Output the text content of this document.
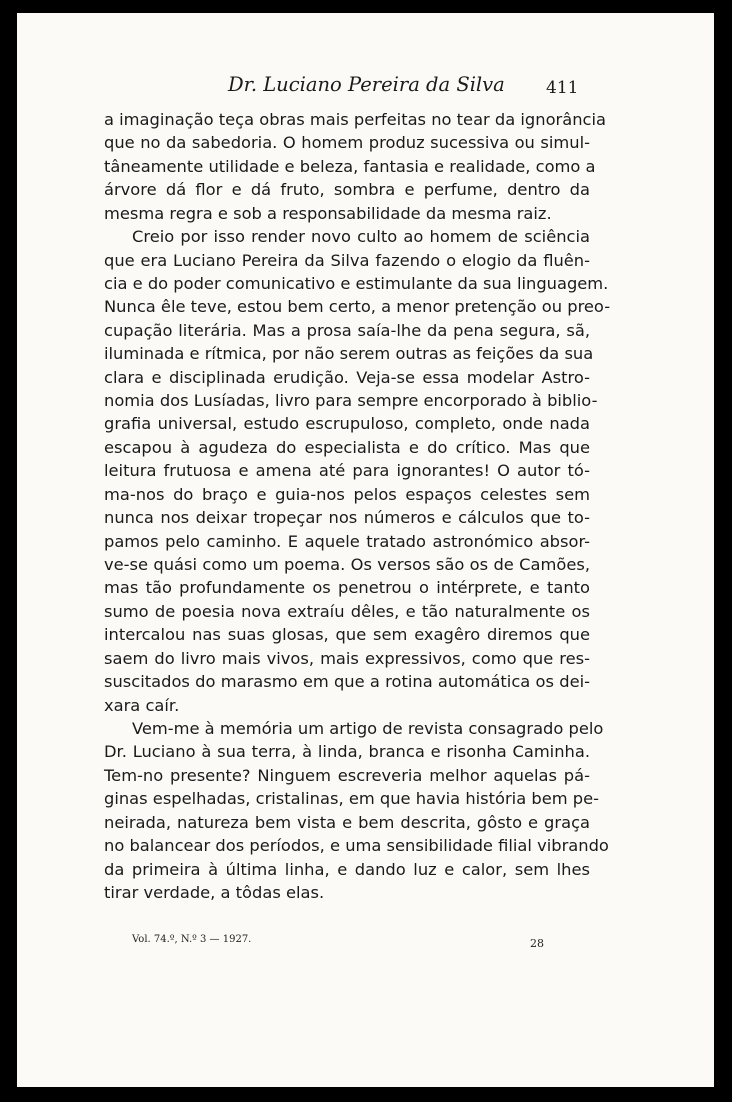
Dr. Luciano Pereira da Silva 411
a imaginação teça obras mais perfeitas no tear da ignorância
que no da sabedoria. O homem produz sucessiva ou simul-
tâneamente utilidade e beleza, fantasia e realidade, como a
árvore dá flor e dá fruto, sombra e perfume, dentro da
mesma regra e sob a responsabilidade da mesma raiz.
Creio por isso render novo culto ao homem de sciência
que era Luciano Pereira da Silva fazendo o elogio da fluên-
cia e do poder comunicativo e estimulante da sua linguagem.
Nunca êle teve, estou bem certo, a menor pretenção ou preo-
cupação literária. Mas a prosa saía-lhe da pena segura, sã,
iluminada e rítmica, por não serem outras as feições da sua
clara e disciplinada erudição. Veja-se essa modelar Astro-
nomia dos Lusíadas, livro para sempre encorporado à biblio-
grafia universal, estudo escrupuloso, completo, onde nada
escapou à agudeza do especialista e do crítico. Mas que
leitura frutuosa e amena até para ignorantes! O autor tó-
ma-nos do braço e guia-nos pelos espaços celestes sem
nunca nos deixar tropeçar nos números e cálculos que to-
pamos pelo caminho. E aquele tratado astronómico absor-
ve-se quási como um poema. Os versos são os de Camões,
mas tão profundamente os penetrou o intérprete, e tanto
sumo de poesia nova extraíu dêles, e tão naturalmente os
intercalou nas suas glosas, que sem exagêro diremos que
saem do livro mais vivos, mais expressivos, como que res-
suscitados do marasmo em que a rotina automática os dei-
xara caír.
Vem-me à memória um artigo de revista consagrado pelo
Dr. Luciano à sua terra, à linda, branca e risonha Caminha.
Tem-no presente? Ninguem escreveria melhor aquelas pá-
ginas espelhadas, cristalinas, em que havia história bem pe-
neirada, natureza bem vista e bem descrita, gôsto e graça
no balancear dos períodos, e uma sensibilidade filial vibrando
da primeira à última linha, e dando luz e calor, sem lhes
tirar verdade, a tôdas elas.
Vol. 74.º, N.º 3 — 1927.	28
